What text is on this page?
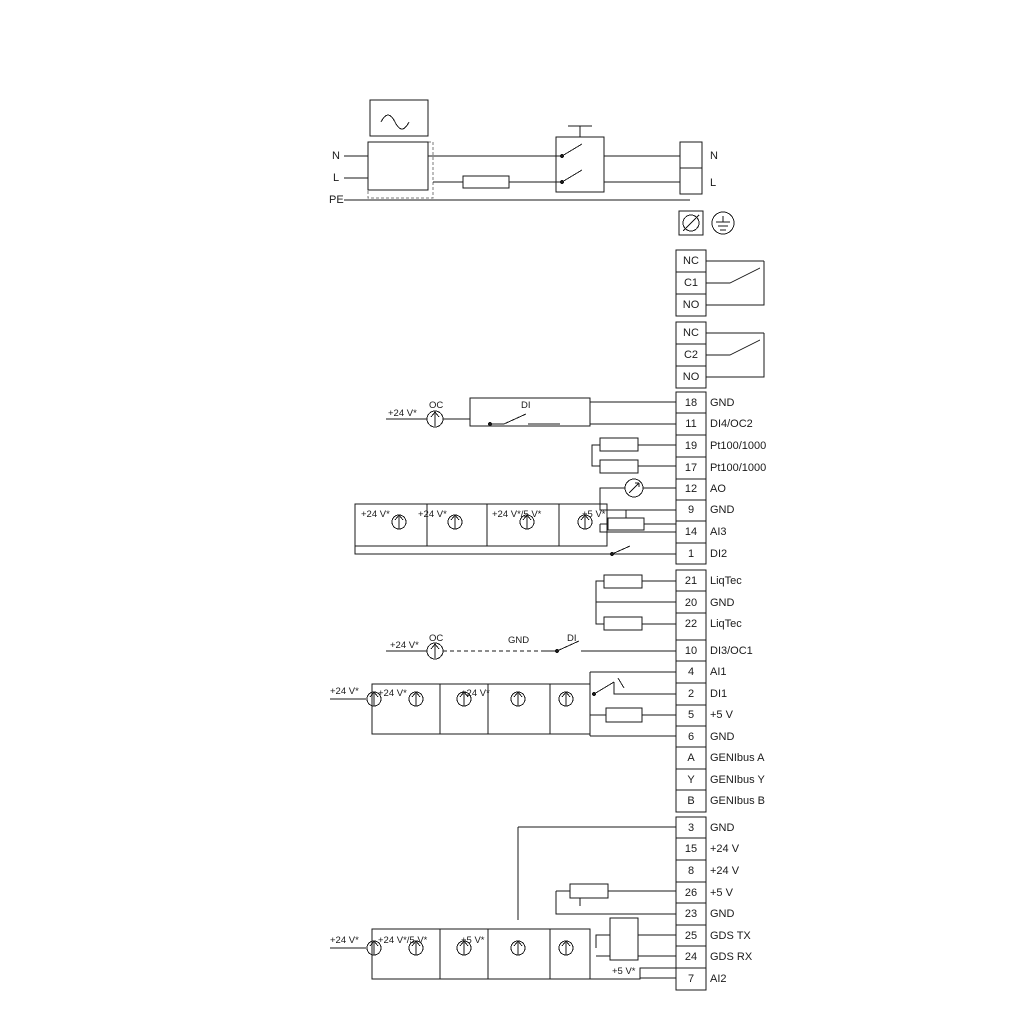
N
L
PE
N
L
NC
C1
NO
NC
C2
NO
18	GND
11	DI4/OC2
19	Pt100/1000
17	Pt100/1000
12	AO
9	GND
14	AI3
1	DI2
21	LiqTec
20	GND
22	LiqTec
10	DI3/OC1
4	AI1
2	DI1
5	+5 V
6	GND
A	GENIbus A
Y	GENIbus Y
B	GENIbus B
3	GND
15	+24 V
8	+24 V
26	+5 V
23	GND
25	GDS TX
24	GDS RX
7	AI2
OC	DI
+24 V*
+24 V*	+24 V*	+24 V*/5 V*	+5 V*
OC	GND	DI
+24 V*
+24 V* +24 V*	+24 V*
+24 V* +24 V*/5 V*	+5 V*
+5 V*
